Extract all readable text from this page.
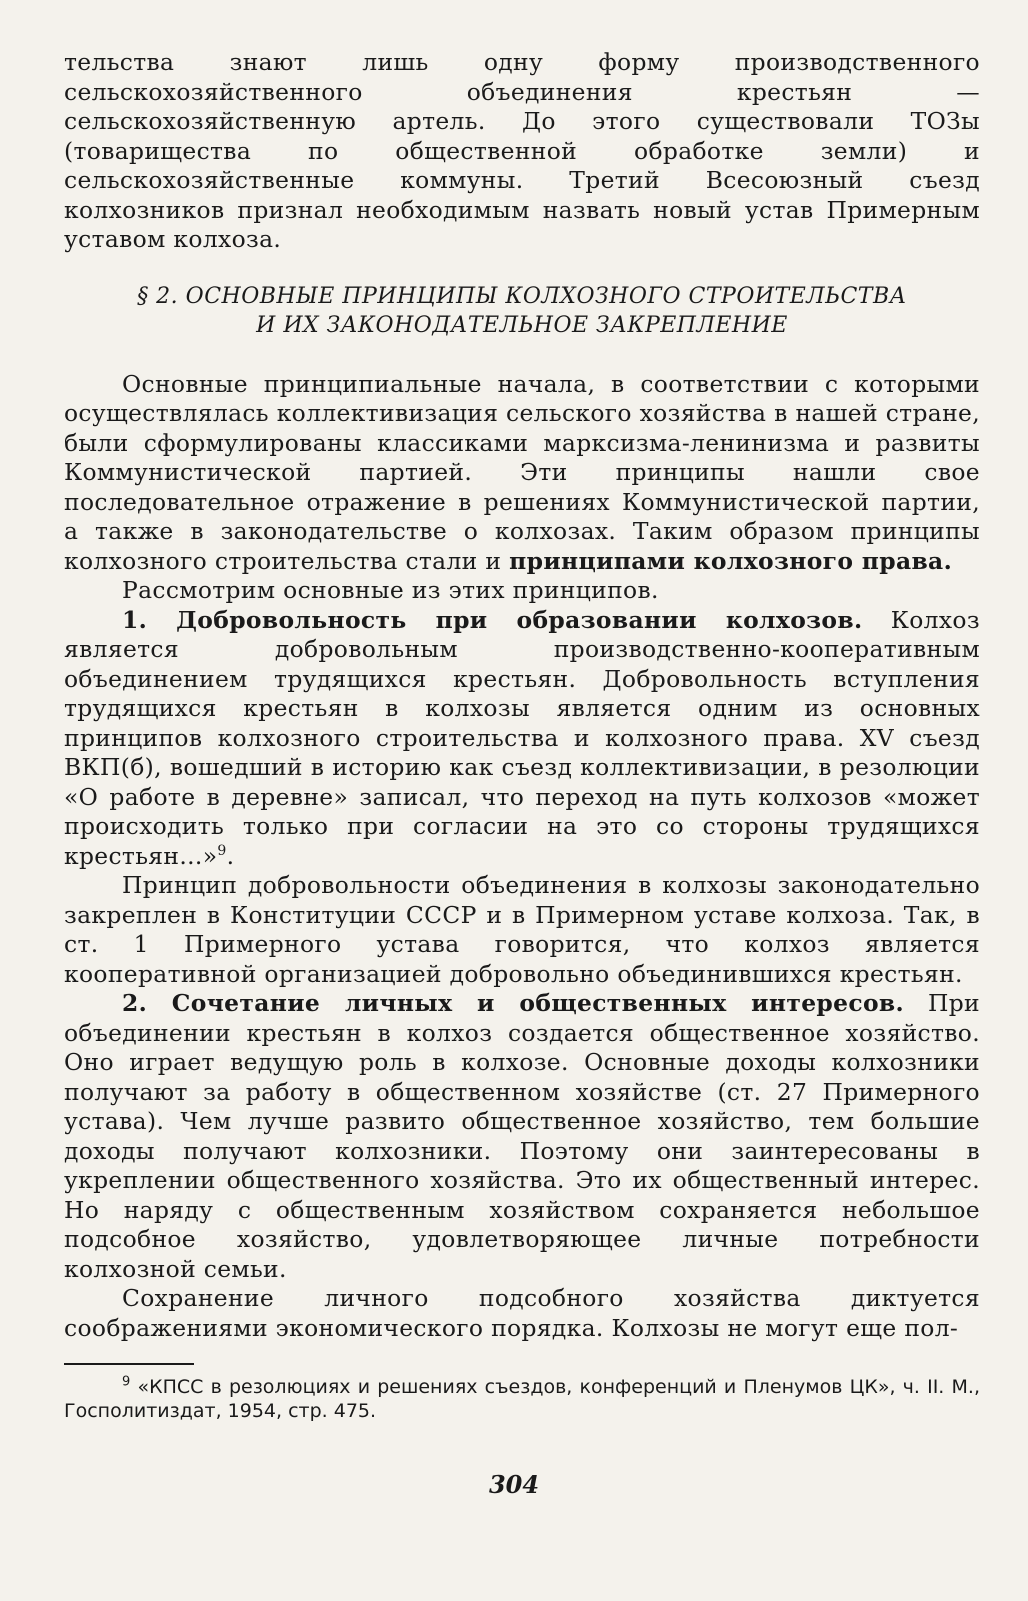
тельства знают лишь одну форму производственного сельскохозяйственного объединения крестьян — сельскохозяйственную артель. До этого существовали ТОЗы (товарищества по общественной обработке земли) и сельскохозяйственные коммуны. Третий Всесоюзный съезд колхозников признал необходимым назвать новый устав Примерным уставом колхоза.

§ 2. ОСНОВНЫЕ ПРИНЦИПЫ КОЛХОЗНОГО СТРОИТЕЛЬСТВА
И ИХ ЗАКОНОДАТЕЛЬНОЕ ЗАКРЕПЛЕНИЕ

Основные принципиальные начала, в соответствии с которыми осуществлялась коллективизация сельского хозяйства в нашей стране, были сформулированы классиками марксизма-ленинизма и развиты Коммунистической партией. Эти принципы нашли свое последовательное отражение в решениях Коммунистической партии, а также в законодательстве о колхозах. Таким образом принципы колхозного строительства стали и принципами колхозного права.

Рассмотрим основные из этих принципов.

1. Добровольность при образовании колхозов. Колхоз является добровольным производственно-кооперативным объединением трудящихся крестьян. Добровольность вступления трудящихся крестьян в колхозы является одним из основных принципов колхозного строительства и колхозного права. XV съезд ВКП(б), вошедший в историю как съезд коллективизации, в резолюции «О работе в деревне» записал, что переход на путь колхозов «может происходить только при согласии на это со стороны трудящихся крестьян...»$^9$.

Принцип добровольности объединения в колхозы законодательно закреплен в Конституции СССР и в Примерном уставе колхоза. Так, в ст. 1 Примерного устава говорится, что колхоз является кооперативной организацией добровольно объединившихся крестьян.

2. Сочетание личных и общественных интересов. При объединении крестьян в колхоз создается общественное хозяйство. Оно играет ведущую роль в колхозе. Основные доходы колхозники получают за работу в общественном хозяйстве (ст. 27 Примерного устава). Чем лучше развито общественное хозяйство, тем большие доходы получают колхозники. Поэтому они заинтересованы в укреплении общественного хозяйства. Это их общественный интерес. Но наряду с общественным хозяйством сохраняется небольшое подсобное хозяйство, удовлетворяющее личные потребности колхозной семьи.

Сохранение личного подсобного хозяйства диктуется соображениями экономического порядка. Колхозы не могут еще пол-

$^9$ «КПСС в резолюциях и решениях съездов, конференций и Пленумов ЦК», ч. II. М., Госполитиздат, 1954, стр. 475.

304
